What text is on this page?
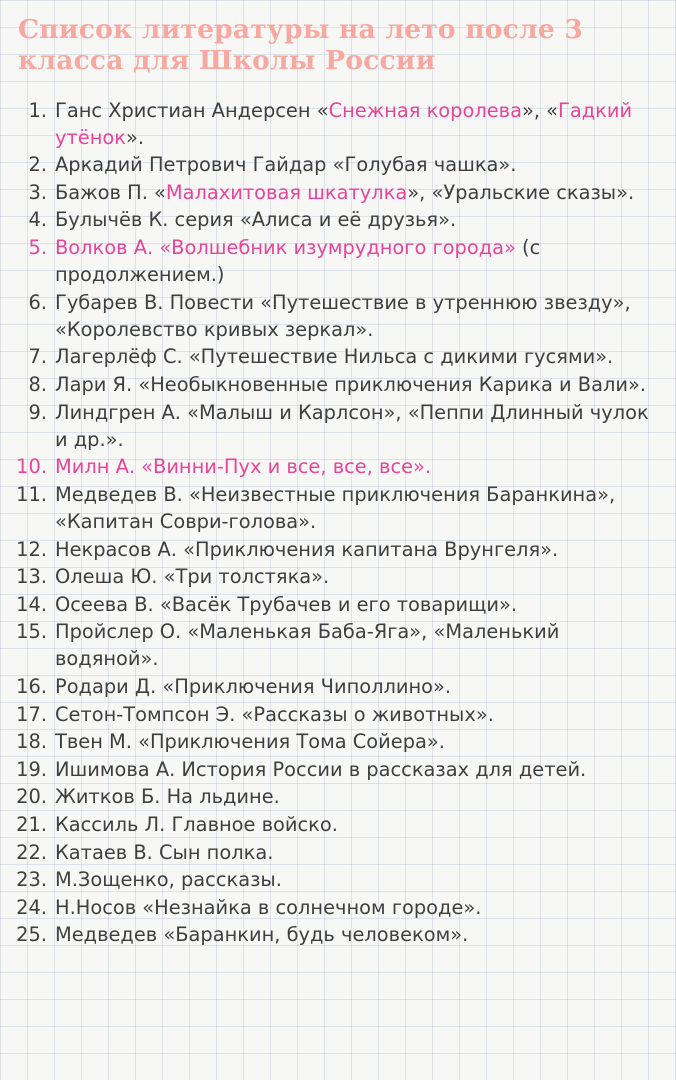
Список литературы на лето после 3 класса для Школы России
1. Ганс Христиан Андерсен «Снежная королева», «Гадкий утёнок».
2. Аркадий Петрович Гайдар «Голубая чашка».
3. Бажов П. «Малахитовая шкатулка», «Уральские сказы».
4. Булычёв К. серия «Алиса и её друзья».
5. Волков А. «Волшебник изумрудного города» (с продолжением.)
6. Губарев В. Повести «Путешествие в утреннюю звезду», «Королевство кривых зеркал».
7. Лагерлёф С. «Путешествие Нильса с дикими гусями».
8. Лари Я. «Необыкновенные приключения Карика и Вали».
9. Линдгрен А. «Малыш и Карлсон», «Пеппи Длинный чулок и др.».
10. Милн А. «Винни-Пух и все, все, все».
11. Медведев В. «Неизвестные приключения Баранкина», «Капитан Соври-голова».
12. Некрасов А. «Приключения капитана Врунгеля».
13. Олеша Ю. «Три толстяка».
14. Осеева В. «Васёк Трубачев и его товарищи».
15. Пройслер О. «Маленькая Баба-Яга», «Маленький водяной».
16. Родари Д. «Приключения Чиполлино».
17. Сетон-Томпсон Э. «Рассказы о животных».
18. Твен М. «Приключения Тома Сойера».
19. Ишимова А. История России в рассказах для детей.
20. Житков Б. На льдине.
21. Кассиль Л. Главное войско.
22. Катаев В. Сын полка.
23. М.Зощенко, рассказы.
24. Н.Носов «Незнайка в солнечном городе».
25. Медведев «Баранкин, будь человеком».
